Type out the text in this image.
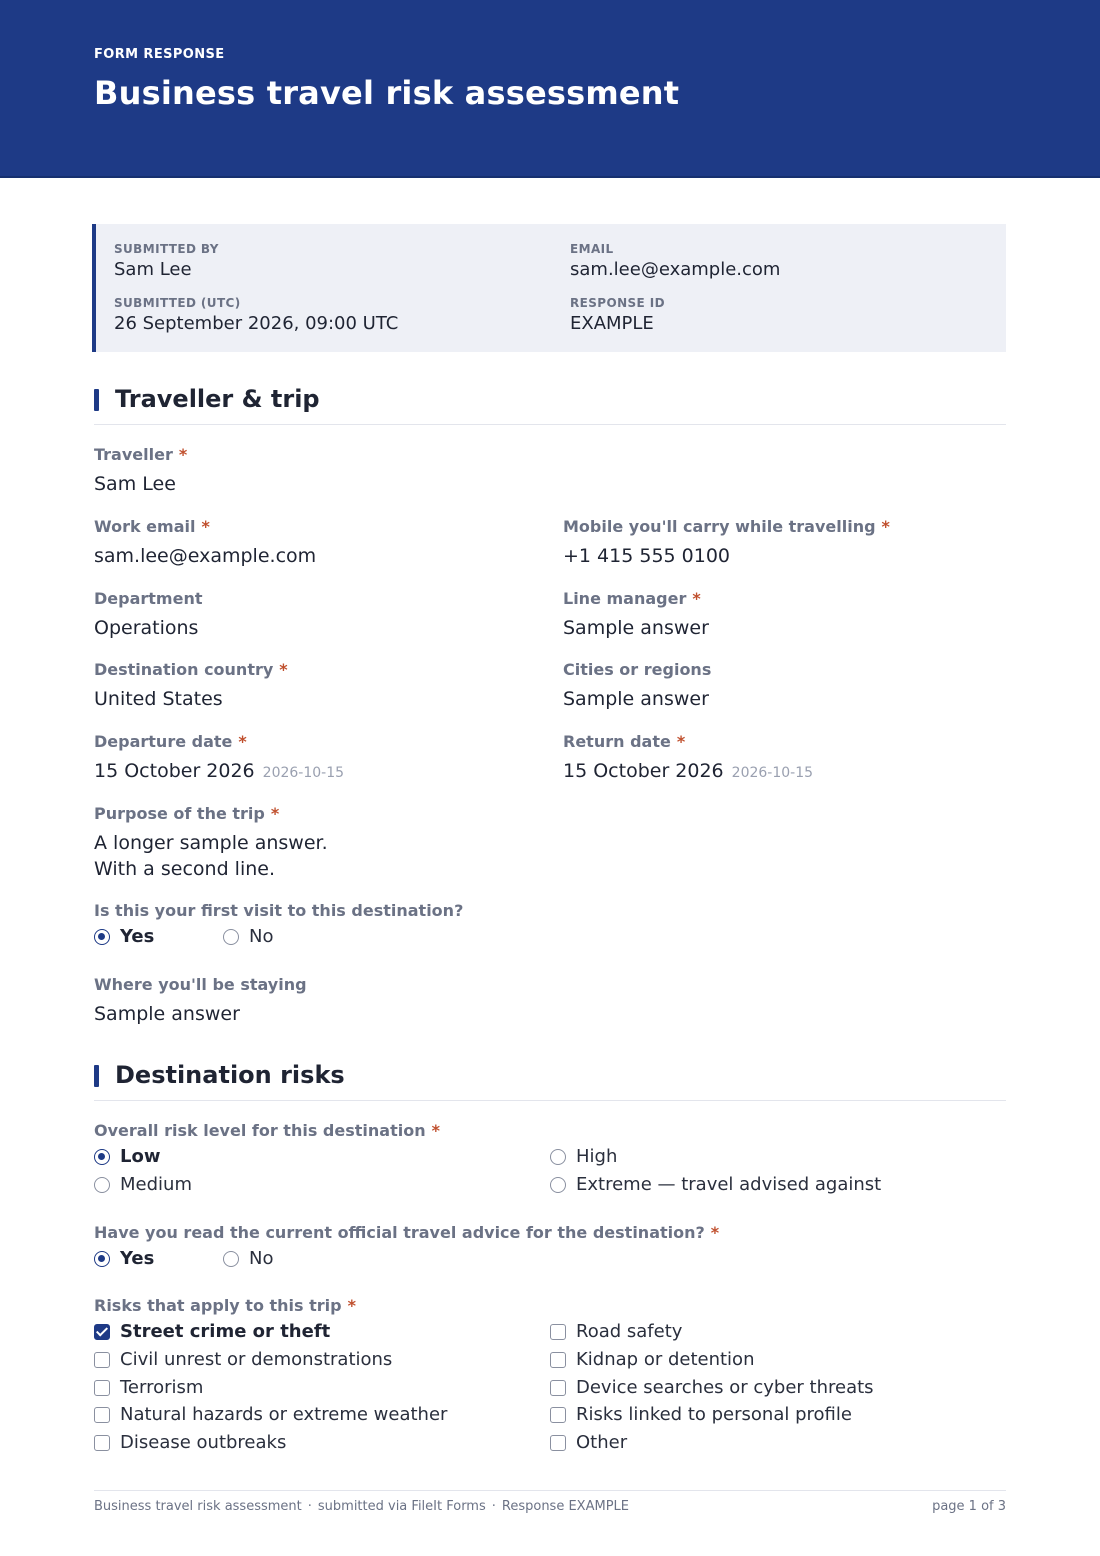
FORM RESPONSE
Business travel risk assessment
SUBMITTED BY
Sam Lee
EMAIL
sam.lee@example.com
SUBMITTED (UTC)
26 September 2026, 09:00 UTC
RESPONSE ID
EXAMPLE
Traveller & trip
Traveller *
Sam Lee
Work email *
sam.lee@example.com
Mobile you'll carry while travelling *
+1 415 555 0100
Department
Operations
Line manager *
Sample answer
Destination country *
United States
Cities or regions
Sample answer
Departure date *
15 October 2026 2026-10-15
Return date *
15 October 2026 2026-10-15
Purpose of the trip *
A longer sample answer.
With a second line.
Is this your first visit to this destination?
Yes	No
Where you'll be staying
Sample answer
Destination risks
Overall risk level for this destination *
Low
Medium
High
Extreme — travel advised against
Have you read the current official travel advice for the destination? *
Yes	No
Risks that apply to this trip *
Street crime or theft
Civil unrest or demonstrations
Terrorism
Natural hazards or extreme weather
Disease outbreaks
Road safety
Kidnap or detention
Device searches or cyber threats
Risks linked to personal profile
Other
Business travel risk assessment · submitted via FileIt Forms · Response EXAMPLE	page 1 of 3
